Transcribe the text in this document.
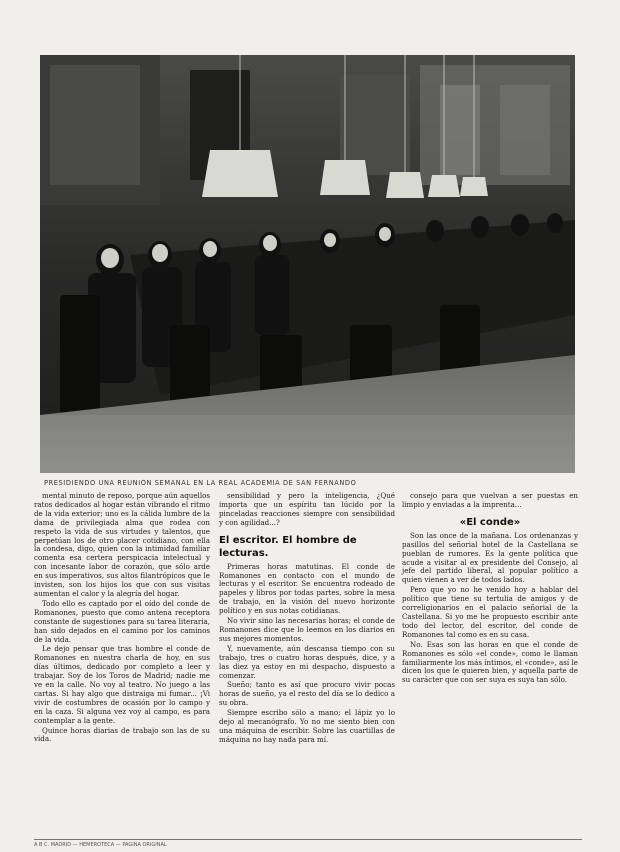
PRESIDIENDO UNA REUNIÓN SEMANAL EN LA REAL ACADEMIA DE SAN FERNANDO

mental minuto de reposo, porque aún aquellos ratos dedicados al hogar están vibrando el ritmo de la vida exterior; uno es la cálida lumbre de la dama de privilegiada alma que rodea con respeto la vida de sus virtudes y talentos, que perpetúan los de otro placer cotidiano, con ella la condesa, digo, quien con la intimidad familiar comenta esa certera perspicacia intelectual y con incesante labor de corazón, que sólo arde en sus imperativos, sus altos filantrópicos que le invisten, son los hijos los que con sus visitas aumentan el calor y la alegría del hogar.

Todo ello es captado por el oído del conde de Romanones, puesto que como antena receptora constante de sugestiones para su tarea literaria, han sido dejados en el camino por los caminos de la vida.

Le dejo pensar que tras hombre el conde de Romanones en nuestra charla de hoy, en sus días últimos, dedicado por completo a leer y trabajar. Soy de los Toros de Madrid; nadie me ve en la calle. No voy al teatro. No juego a las cartas. Si hay algo que distraiga mi fumar... ¡Vi vivir de costumbres de ocasión por lo campo y en la caza. Si alguna vez voy al campo, es para contemplar a la gente.

Quince horas diarias de trabajo son las de su vida.

sensibilidad y pero la inteligencia, ¿Qué importa que un espíritu tan lúcido por la pinceladas reacciones siempre con sensibilidad y con agilidad...?

El escritor. El hombre de lecturas.

Primeras horas matutinas. El conde de Romanones en contacto con el mundo de lecturas y el escritor. Se encuentra rodeado de papeles y libros por todas partes, sobre la mesa de trabajo, en la visión del nuevo horizonte político y en sus notas cotidianas.

No vivir sino las necesarias horas; el conde de Romanones dice que lo leemos en los diarios en sus mejores momentos.

Y, nuevamente, aún descansa tiempo con su trabajo, tres o cuatro horas después, dice, y a las diez ya estoy en mi despacho, dispuesto a comenzar.

Sueño; tanto es así que procuro vivir pocas horas de sueño, ya el resto del día se lo dedico a su obra.

Siempre escribo sólo a mano; el lápiz yo lo dejo al mecanógrafo. Yo no me siento bien con una máquina de escribir. Sobre las cuartillas de máquina no hay nada para mí.

consejo para que vuelvan a ser puestas en limpio y enviadas a la imprenta...

«El conde»

Son las once de la mañana. Los ordenanzas y pasillos del señorial hotel de la Castellana se pueblan de rumores. Es la gente política que acude a visitar al ex presidente del Consejo, al jefe del partido liberal, al popular político a quien vienen a ver de todos lados.

Pero que yo no he venido hoy a hablar del político que tiene su tertulia de amigos y de correligionarios en el palacio señorial de la Castellana. Si yo me he propuesto escribir ante todo del lector, del escritor, del conde de Romanones tal como es en su casa.

No. Esas son las horas en que el conde de Romanones es sólo «el conde», como le llaman familiarmente los más íntimos, el «conde», así le dicen los que le quieren bien, y aquella parte de su carácter que con ser suya es suya tan sólo.

A B C. MADRID — HEMEROTECA — PÁGINA ORIGINAL
